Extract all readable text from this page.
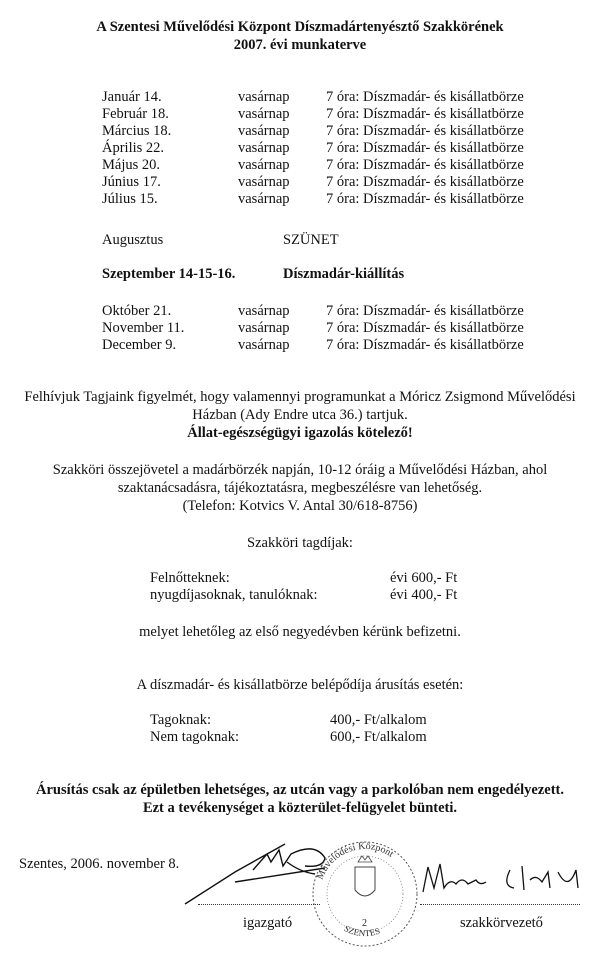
A Szentesi Művelődési Központ Díszmadártenyésztő Szakkörének
2007. évi munkaterve
Január 14.	vasárnap	7 óra: Díszmadár- és kisállatbörze
Február 18.	vasárnap	7 óra: Díszmadár- és kisállatbörze
Március 18.	vasárnap	7 óra: Díszmadár- és kisállatbörze
Április 22.	vasárnap	7 óra: Díszmadár- és kisállatbörze
Május 20.	vasárnap	7 óra: Díszmadár- és kisállatbörze
Június 17.	vasárnap	7 óra: Díszmadár- és kisállatbörze
Július 15.	vasárnap	7 óra: Díszmadár- és kisállatbörze
Augusztus	SZÜNET
Szeptember 14-15-16.	Díszmadár-kiállítás
Október 21.	vasárnap	7 óra: Díszmadár- és kisállatbörze
November 11.	vasárnap	7 óra: Díszmadár- és kisállatbörze
December 9.	vasárnap	7 óra: Díszmadár- és kisállatbörze
Felhívjuk Tagjaink figyelmét, hogy valamennyi programunkat a Móricz Zsigmond Művelődési
Házban (Ady Endre utca 36.) tartjuk.
Állat-egészségügyi igazolás kötelező!
Szakköri összejövetel a madárbörzék napján, 10-12 óráig a Művelődési Házban, ahol
szaktanácsadásra, tájékoztatásra, megbeszélésre van lehetőség.
(Telefon: Kotvics V. Antal 30/618-8756)
Szakköri tagdíjak:
Felnőtteknek:	évi 600,- Ft
nyugdíjasoknak, tanulóknak:	évi 400,- Ft
melyet lehetőleg az első negyedévben kérünk befizetni.
A díszmadár- és kisállatbörze belépődíja árusítás esetén:
Tagoknak:	400,- Ft/alkalom
Nem tagoknak:	600,- Ft/alkalom
Árusítás csak az épületben lehetséges, az utcán vagy a parkolóban nem engedélyezett.
Ezt a tevékenységet a közterület-felügyelet bünteti.
Szentes, 2006. november 8.
Művelődési Központ
SZENTES
2
igazgató	szakkörvezető
